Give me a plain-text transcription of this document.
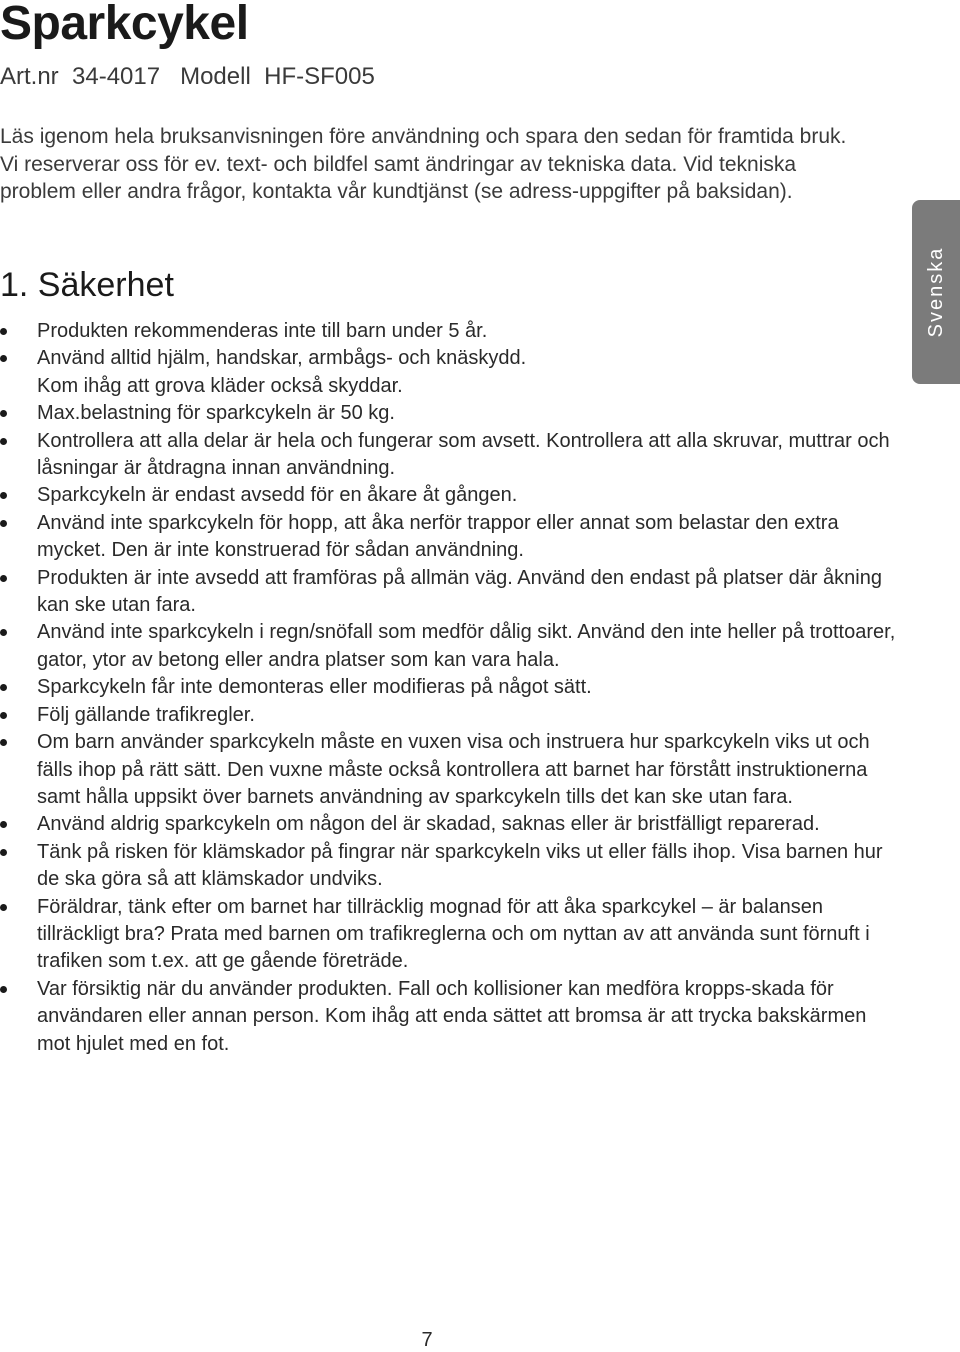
Sparkcykel
Art.nr  34-4017   Modell  HF-SF005

Läs igenom hela bruksanvisningen före användning och spara den sedan för framtida bruk. Vi reserverar oss för ev. text- och bildfel samt ändringar av tekniska data. Vid tekniska problem eller andra frågor, kontakta vår kundtjänst (se adress-uppgifter på baksidan).

1. Säkerhet
Produkten rekommenderas inte till barn under 5 år.
Använd alltid hjälm, handskar, armbågs- och knäskydd.
Kom ihåg att grova kläder också skyddar.
Max.belastning för sparkcykeln är 50 kg.
Kontrollera att alla delar är hela och fungerar som avsett. Kontrollera att alla skruvar, muttrar och låsningar är åtdragna innan användning.
Sparkcykeln är endast avsedd för en åkare åt gången.
Använd inte sparkcykeln för hopp, att åka nerför trappor eller annat som belastar den extra mycket. Den är inte konstruerad för sådan användning.
Produkten är inte avsedd att framföras på allmän väg. Använd den endast på platser där åkning kan ske utan fara.
Använd inte sparkcykeln i regn/snöfall som medför dålig sikt. Använd den inte heller på trottoarer, gator, ytor av betong eller andra platser som kan vara hala.
Sparkcykeln får inte demonteras eller modifieras på något sätt.
Följ gällande trafikregler.
Om barn använder sparkcykeln måste en vuxen visa och instruera hur sparkcykeln viks ut och fälls ihop på rätt sätt. Den vuxne måste också kontrollera att barnet har förstått instruktionerna samt hålla uppsikt över barnets användning av sparkcykeln tills det kan ske utan fara.
Använd aldrig sparkcykeln om någon del är skadad, saknas eller är bristfälligt reparerad.
Tänk på risken för klämskador på fingrar när sparkcykeln viks ut eller fälls ihop. Visa barnen hur de ska göra så att klämskador undviks.
Föräldrar, tänk efter om barnet har tillräcklig mognad för att åka sparkcykel – är balansen tillräckligt bra? Prata med barnen om trafikreglerna och om nyttan av att använda sunt förnuft i trafiken som t.ex. att ge gående företräde.
Var försiktig när du använder produkten. Fall och kollisioner kan medföra kropps-skada för användaren eller annan person. Kom ihåg att enda sättet att bromsa är att trycka bakskärmen mot hjulet med en fot.
Svenska
7
